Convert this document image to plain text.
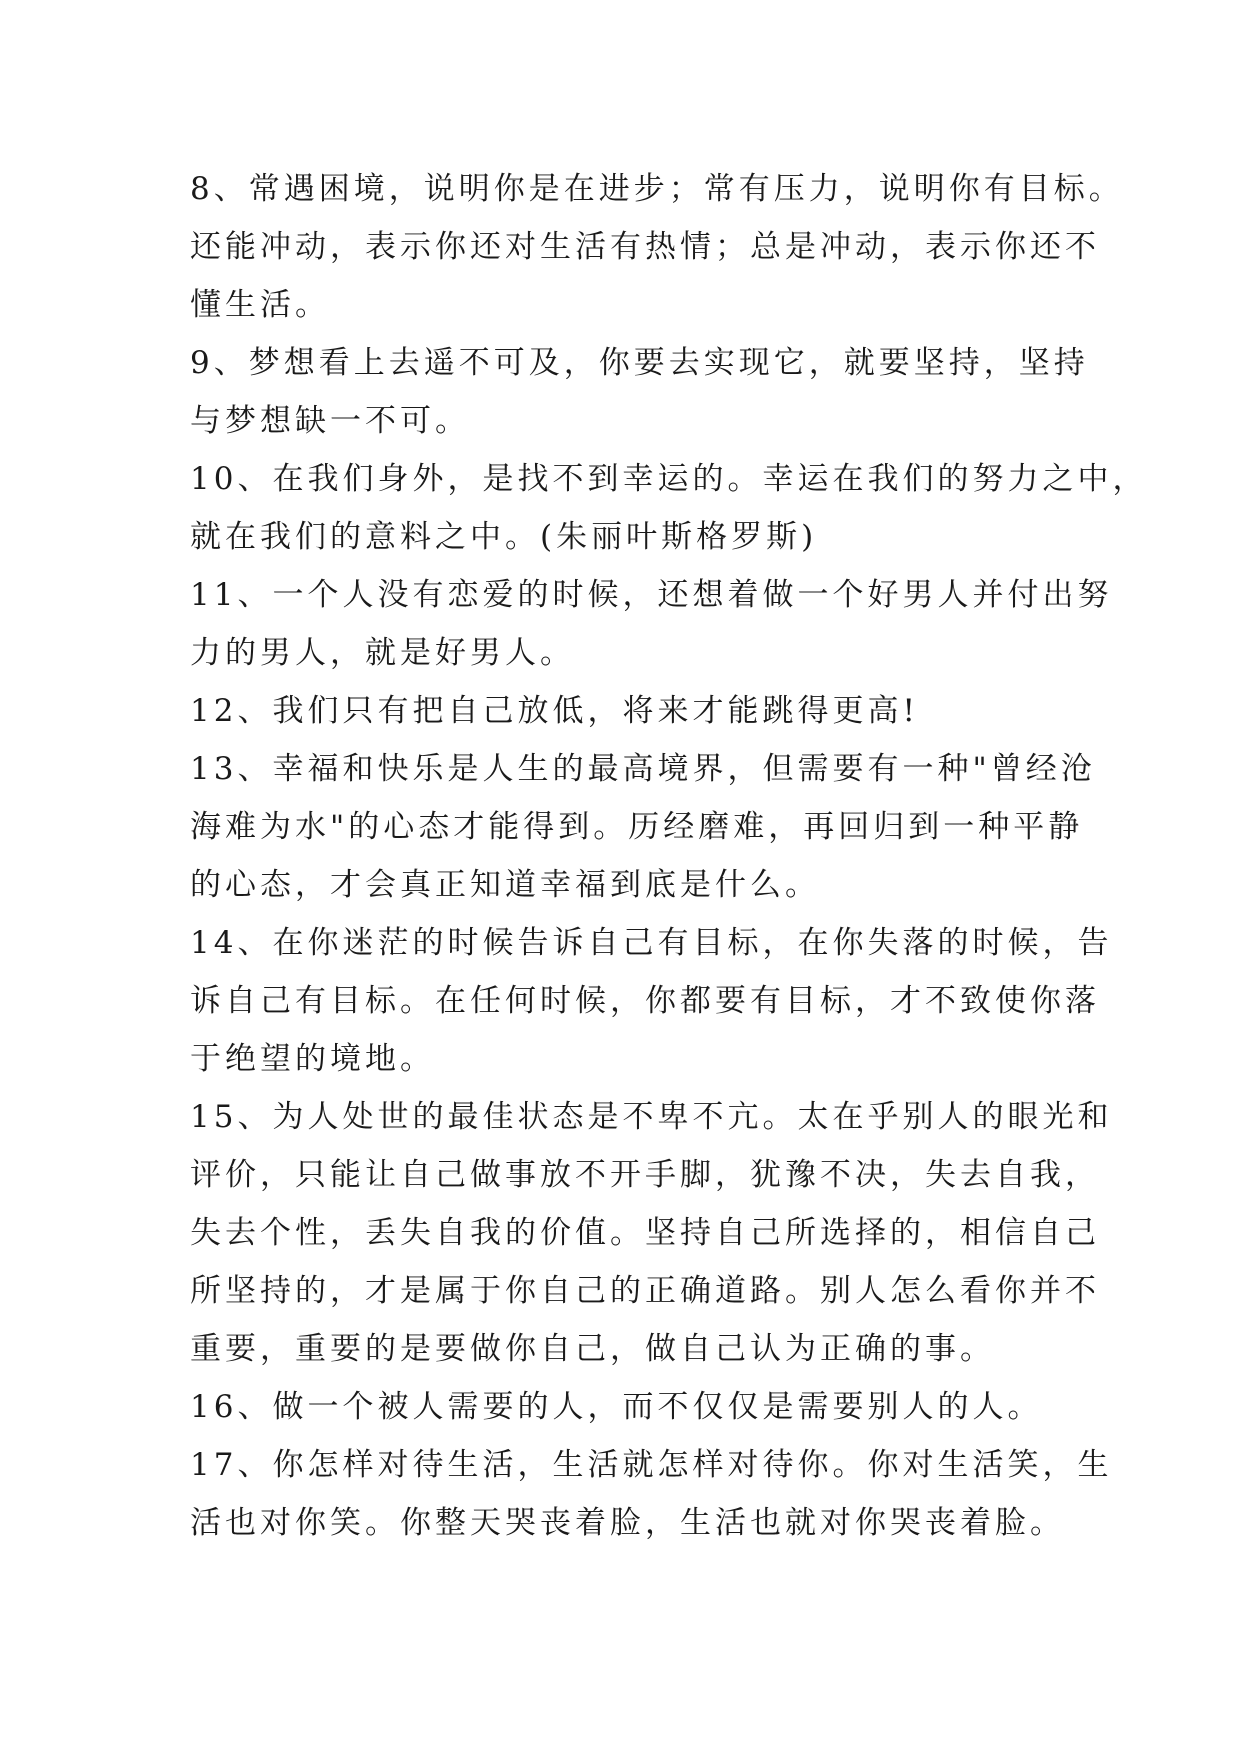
8、常遇困境，说明你是在进步；常有压力，说明你有目标。
还能冲动，表示你还对生活有热情；总是冲动，表示你还不
懂生活。
9、梦想看上去遥不可及，你要去实现它，就要坚持，坚持
与梦想缺一不可。
10、在我们身外，是找不到幸运的。幸运在我们的努力之中，
就在我们的意料之中。(朱丽叶斯格罗斯)
11、一个人没有恋爱的时候，还想着做一个好男人并付出努
力的男人，就是好男人。
12、我们只有把自己放低，将来才能跳得更高!
13、幸福和快乐是人生的最高境界，但需要有一种"曾经沧
海难为水"的心态才能得到。历经磨难，再回归到一种平静
的心态，才会真正知道幸福到底是什么。
14、在你迷茫的时候告诉自己有目标，在你失落的时候，告
诉自己有目标。在任何时候，你都要有目标，才不致使你落
于绝望的境地。
15、为人处世的最佳状态是不卑不亢。太在乎别人的眼光和
评价，只能让自己做事放不开手脚，犹豫不决，失去自我，
失去个性，丢失自我的价值。坚持自己所选择的，相信自己
所坚持的，才是属于你自己的正确道路。别人怎么看你并不
重要，重要的是要做你自己，做自己认为正确的事。
16、做一个被人需要的人，而不仅仅是需要别人的人。
17、你怎样对待生活，生活就怎样对待你。你对生活笑，生
活也对你笑。你整天哭丧着脸，生活也就对你哭丧着脸。
